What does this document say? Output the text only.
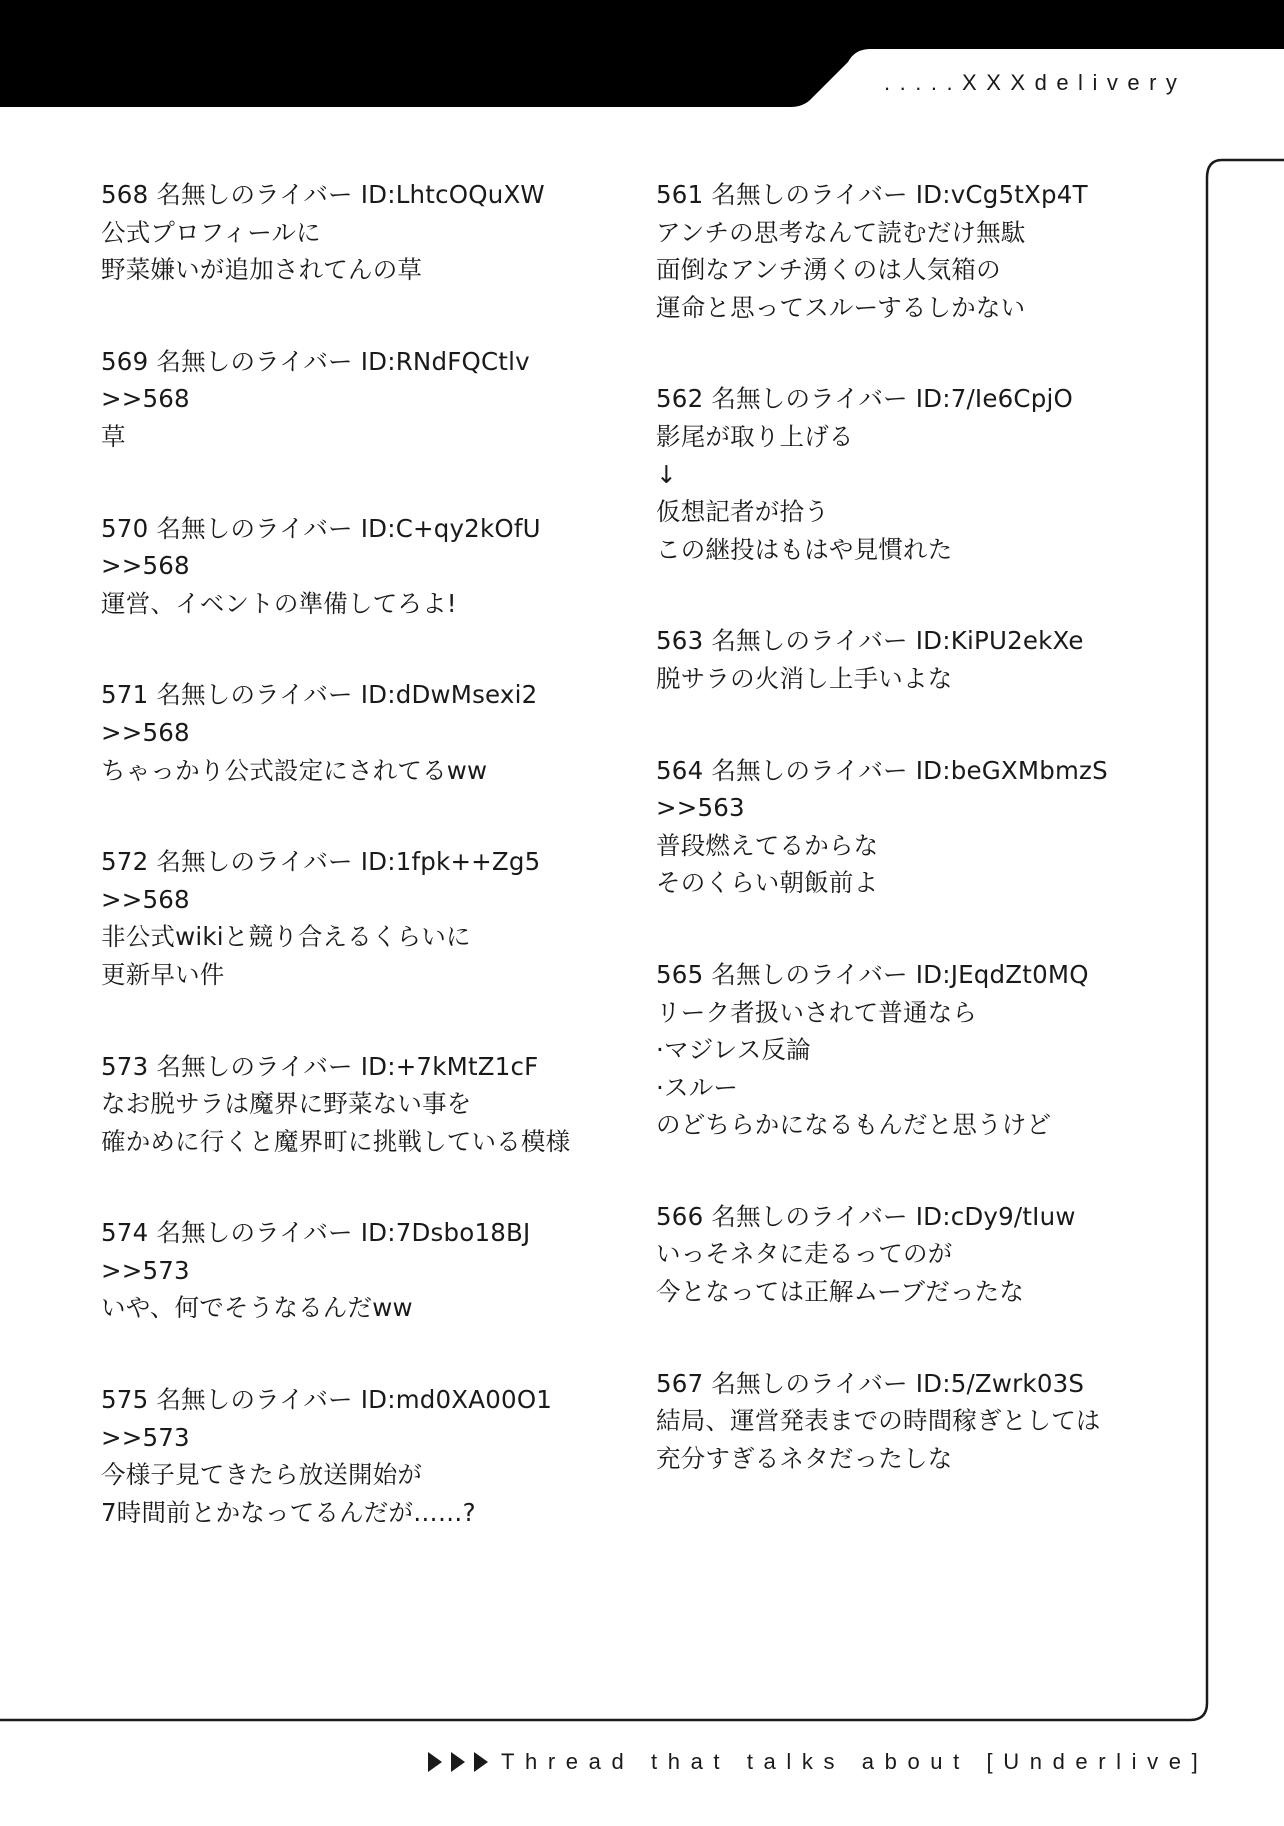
.....XXXdelivery
568 名無しのライバー ID:LhtcOQuXW
公式プロフィールに
野菜嫌いが追加されてんの草
569 名無しのライバー ID:RNdFQCtlv
>>568
草
570 名無しのライバー ID:C+qy2kOfU
>>568
運営、イベントの準備してろよ!
571 名無しのライバー ID:dDwMsexi2
>>568
ちゃっかり公式設定にされてるww
572 名無しのライバー ID:1fpk++Zg5
>>568
非公式wikiと競り合えるくらいに
更新早い件
573 名無しのライバー ID:+7kMtZ1cF
なお脱サラは魔界に野菜ない事を
確かめに行くと魔界町に挑戦している模様
574 名無しのライバー ID:7Dsbo18BJ
>>573
いや、何でそうなるんだww
575 名無しのライバー ID:md0XA00O1
>>573
今様子見てきたら放送開始が
7時間前とかなってるんだが……?
561 名無しのライバー ID:vCg5tXp4T
アンチの思考なんて読むだけ無駄
面倒なアンチ湧くのは人気箱の
運命と思ってスルーするしかない
562 名無しのライバー ID:7/Ie6CpjO
影尾が取り上げる
↓
仮想記者が拾う
この継投はもはや見慣れた
563 名無しのライバー ID:KiPU2ekXe
脱サラの火消し上手いよな
564 名無しのライバー ID:beGXMbmzS
>>563
普段燃えてるからな
そのくらい朝飯前よ
565 名無しのライバー ID:JEqdZt0MQ
リーク者扱いされて普通なら
·マジレス反論
·スルー
のどちらかになるもんだと思うけど
566 名無しのライバー ID:cDy9/tIuw
いっそネタに走るってのが
今となっては正解ムーブだったな
567 名無しのライバー ID:5/Zwrk03S
結局、運営発表までの時間稼ぎとしては
充分すぎるネタだったしな
Thread that talks about [Underlive]
